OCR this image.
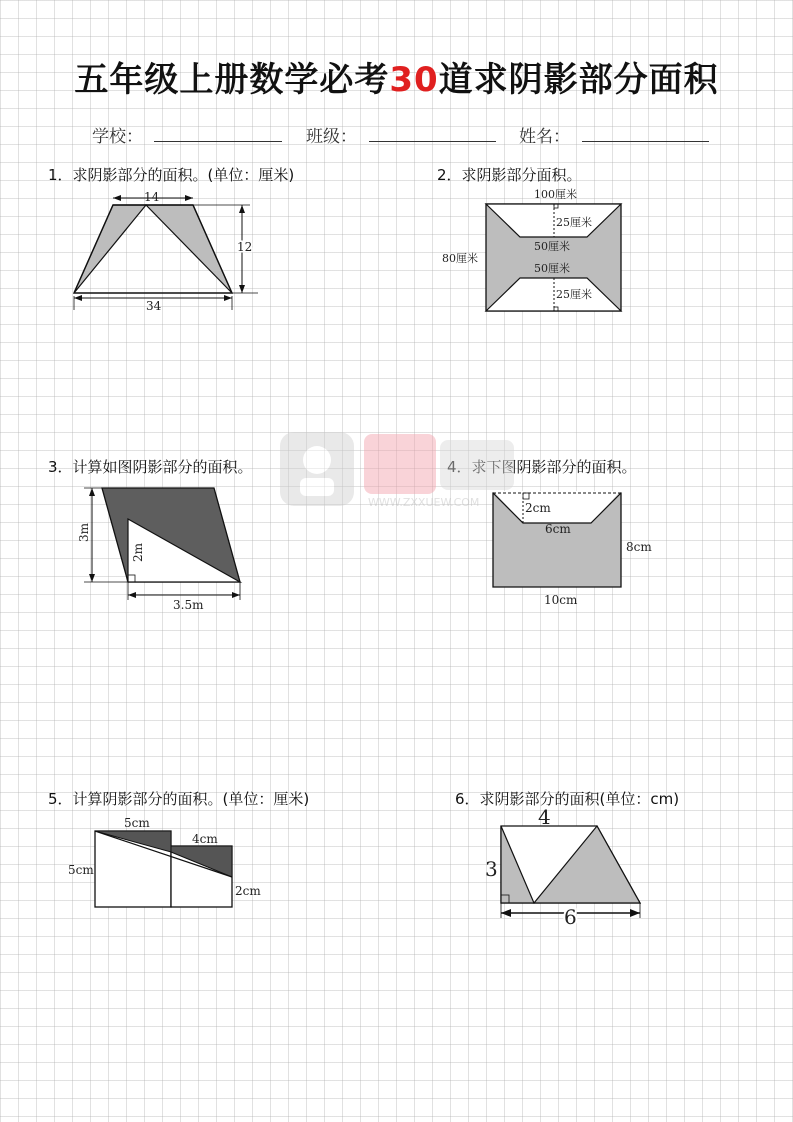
五年级上册数学必考30道求阴影部分面积
学校：	班级：	姓名：
1．求阴影部分的面积。(单位：厘米)	2．求阴影部分面积。
3．计算如图阴影部分的面积。	4．求下图阴影部分的面积。
5．计算阴影部分的面积。(单位：厘米)	6．求阴影部分的面积(单位：cm)
WWW.ZXXUEW.COM
14
12
34
100厘米
25厘米
50厘米
50厘米
25厘米
80厘米
3m
2m
3.5m
2cm
6cm
8cm
10cm
5cm
4cm
5cm
2cm
4
3
6
